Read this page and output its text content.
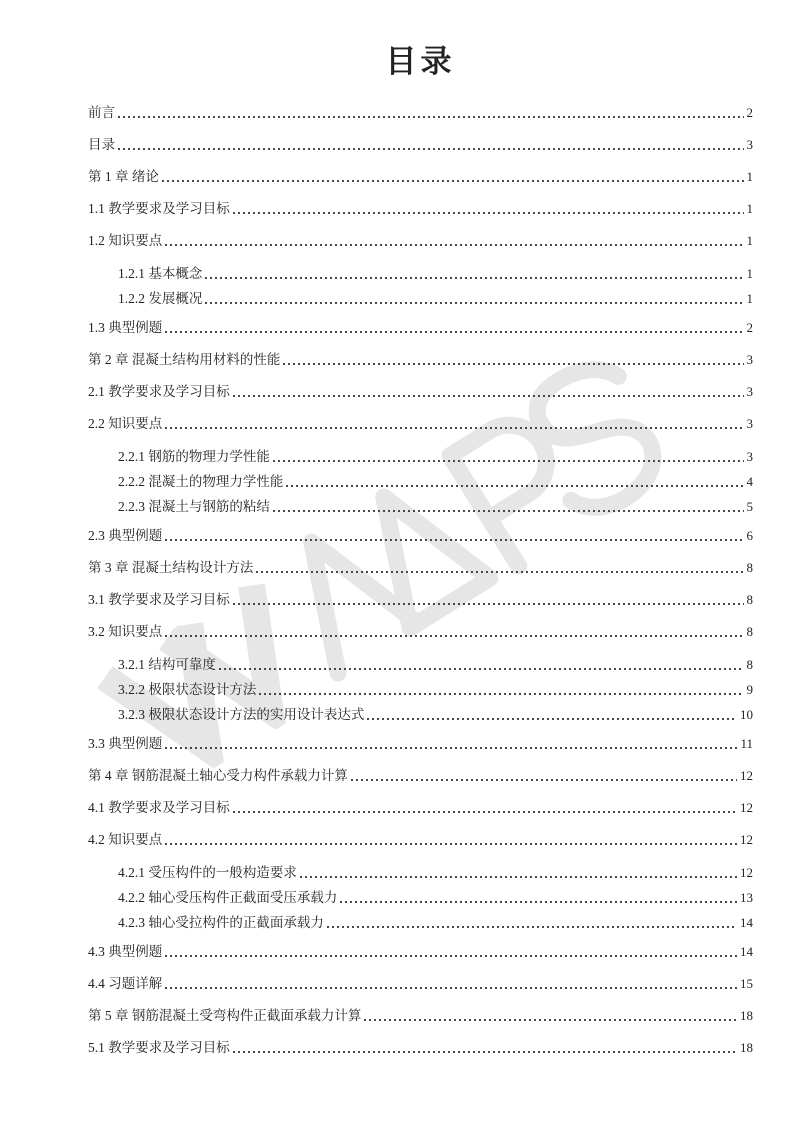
目录
前言	2
目录	3
第 1 章 绪论	1
1.1 教学要求及学习目标	1
1.2 知识要点	1
1.2.1 基本概念	1
1.2.2 发展概况	1
1.3 典型例题	2
第 2 章 混凝土结构用材料的性能	3
2.1 教学要求及学习目标	3
2.2 知识要点	3
2.2.1 钢筋的物理力学性能	3
2.2.2 混凝土的物理力学性能	4
2.2.3 混凝土与钢筋的粘结	5
2.3 典型例题	6
第 3 章 混凝土结构设计方法	8
3.1 教学要求及学习目标	8
3.2 知识要点	8
3.2.1 结构可靠度	8
3.2.2 极限状态设计方法	9
3.2.3 极限状态设计方法的实用设计表达式	10
3.3 典型例题	11
第 4 章 钢筋混凝土轴心受力构件承载力计算	12
4.1 教学要求及学习目标	12
4.2 知识要点	12
4.2.1 受压构件的一般构造要求	12
4.2.2 轴心受压构件正截面受压承载力	13
4.2.3 轴心受拉构件的正截面承载力	14
4.3 典型例题	14
4.4 习题详解	15
第 5 章 钢筋混凝土受弯构件正截面承载力计算	18
5.1 教学要求及学习目标	18
